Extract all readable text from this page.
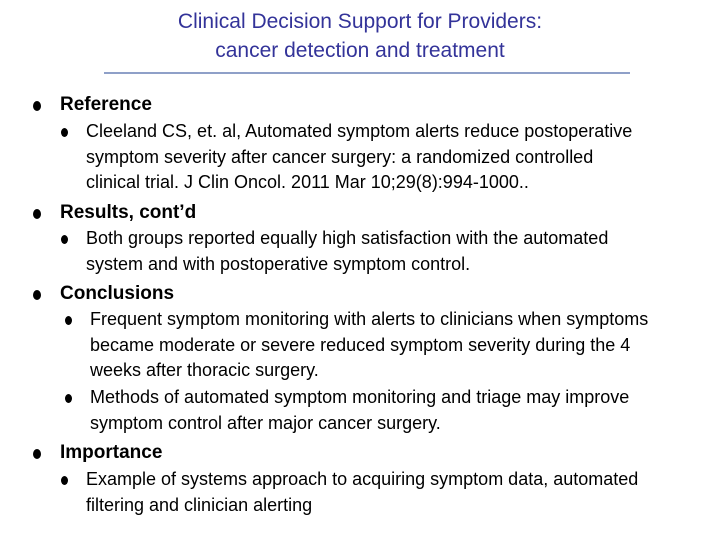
Clinical Decision Support for Providers:
cancer detection and treatment
Reference
Cleeland CS, et. al, Automated symptom alerts reduce postoperative
symptom severity after cancer surgery: a randomized controlled
clinical trial. J Clin Oncol. 2011 Mar 10;29(8):994-1000..
Results, cont’d
Both groups reported equally high satisfaction with the automated
system and with postoperative symptom control.
Conclusions
Frequent symptom monitoring with alerts to clinicians when symptoms
became moderate or severe reduced symptom severity during the 4
weeks after thoracic surgery.
Methods of automated symptom monitoring and triage may improve
symptom control after major cancer surgery.
Importance
Example of systems approach to acquiring symptom data, automated
filtering and clinician alerting
